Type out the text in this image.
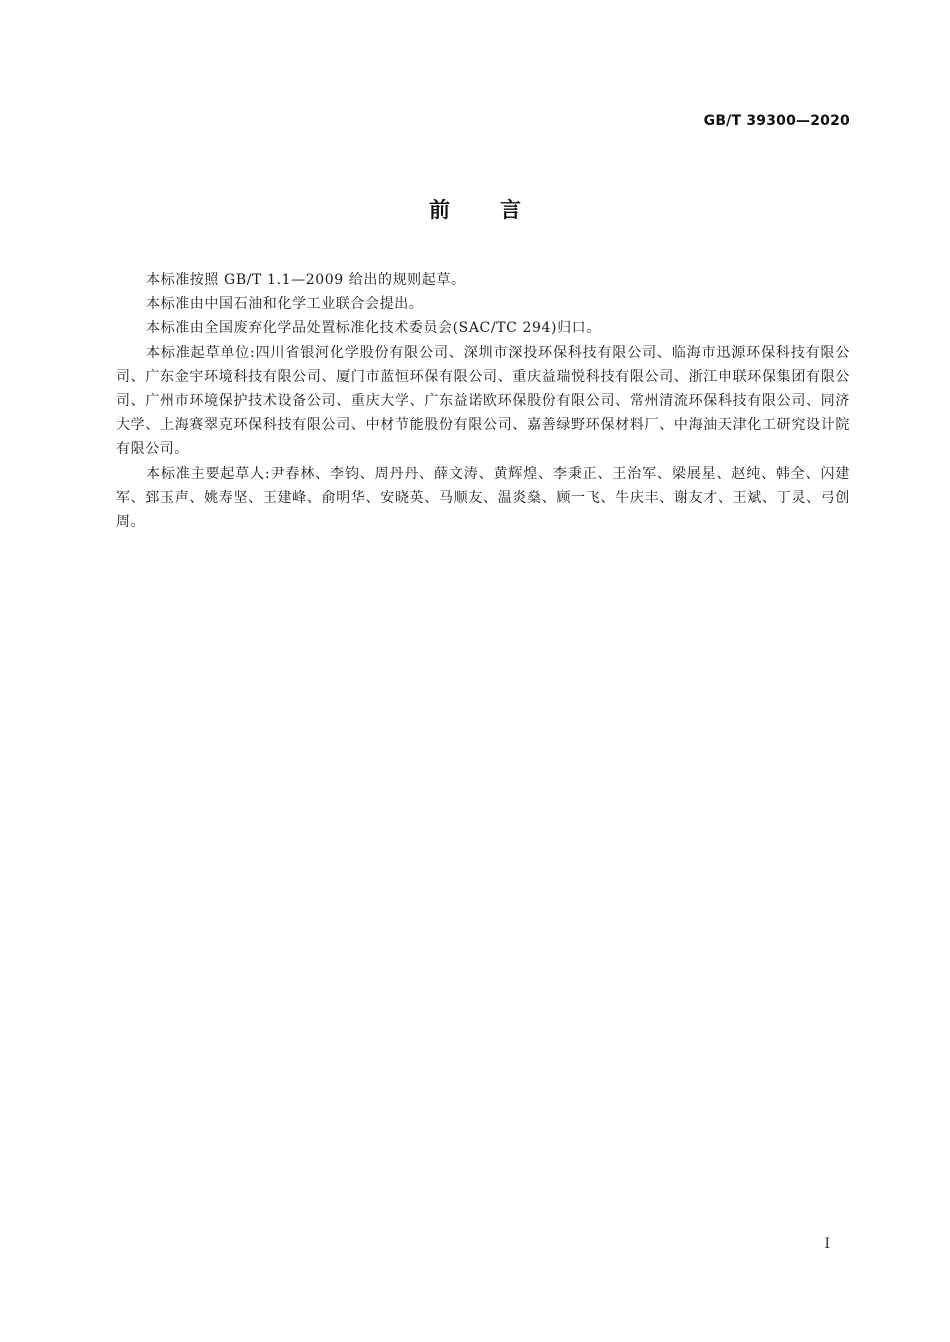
GB/T 39300—2020
前言

本标准按照 GB/T 1.1—2009 给出的规则起草。

本标准由中国石油和化学工业联合会提出。

本标准由全国废弃化学品处置标准化技术委员会(SAC/TC 294)归口。

本标准起草单位:四川省银河化学股份有限公司、深圳市深投环保科技有限公司、临海市迅源环保科技有限公司、广东金宇环境科技有限公司、厦门市蓝恒环保有限公司、重庆益瑞悦科技有限公司、浙江申联环保集团有限公司、广州市环境保护技术设备公司、重庆大学、广东益诺欧环保股份有限公司、常州清流环保科技有限公司、同济大学、上海赛翠克环保科技有限公司、中材节能股份有限公司、嘉善绿野环保材料厂、中海油天津化工研究设计院有限公司。

本标准主要起草人:尹春林、李钧、周丹丹、薛文涛、黄辉煌、李秉正、王治军、梁展星、赵纯、韩全、闪建军、郅玉声、姚寿坚、王建峰、俞明华、安晓英、马顺友、温炎燊、顾一飞、牛庆丰、谢友才、王斌、丁灵、弓创周。

I
